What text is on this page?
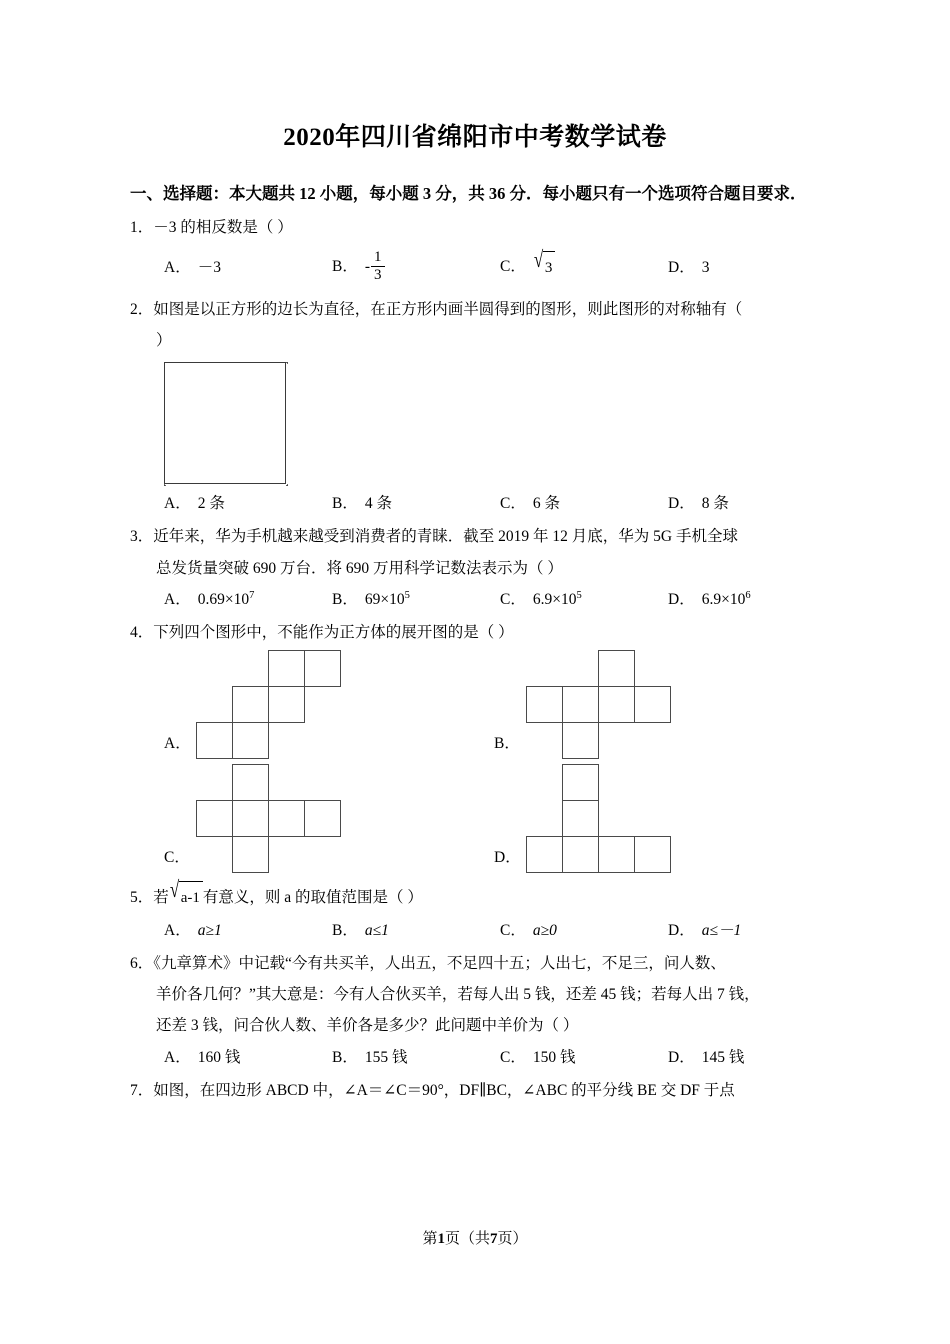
2020年四川省绵阳市中考数学试卷
一、选择题：本大题共 12 小题，每小题 3 分，共 36 分．每小题只有一个选项符合题目要求．
1．－3 的相反数是（ ）
A． －3	B． - $\frac{1}{3}$	C． √ 3	D． 3
2．如图是以正方形的边长为直径，在正方形内画半圆得到的图形，则此图形的对称轴有（
）
A． 2 条	B． 4 条	C． 6 条	D． 8 条
3．近年来，华为手机越来越受到消费者的青睐．截至 2019 年 12 月底，华为 5G 手机全球
总发货量突破 690 万台．将 690 万用科学记数法表示为（ ）
A． $0.69\times 10^7$	B． $69\times 10^5$	C． $6.9\times 10^5$	D． $6.9\times 10^6$
4．下列四个图形中，不能作为正方体的展开图的是（ ）
A．	B．
C．	D．
5．若 √ a-1 有意义，则 a 的取值范围是（ ）
A． a≥1	B． a≤1	C． a≥0	D． a≤－1
6．《九章算术》中记载“今有共买羊，人出五，不足四十五；人出七，不足三，问人数、
羊价各几何？”其大意是：今有人合伙买羊，若每人出 5 钱，还差 45 钱；若每人出 7 钱，
还差 3 钱，问合伙人数、羊价各是多少？此问题中羊价为（ ）
A． 160 钱	B． 155 钱	C． 150 钱	D． 145 钱
7．如图，在四边形 ABCD 中，∠A＝∠C＝90°，DF∥BC，∠ABC 的平分线 BE 交 DF 于点
第1页（共7页）
